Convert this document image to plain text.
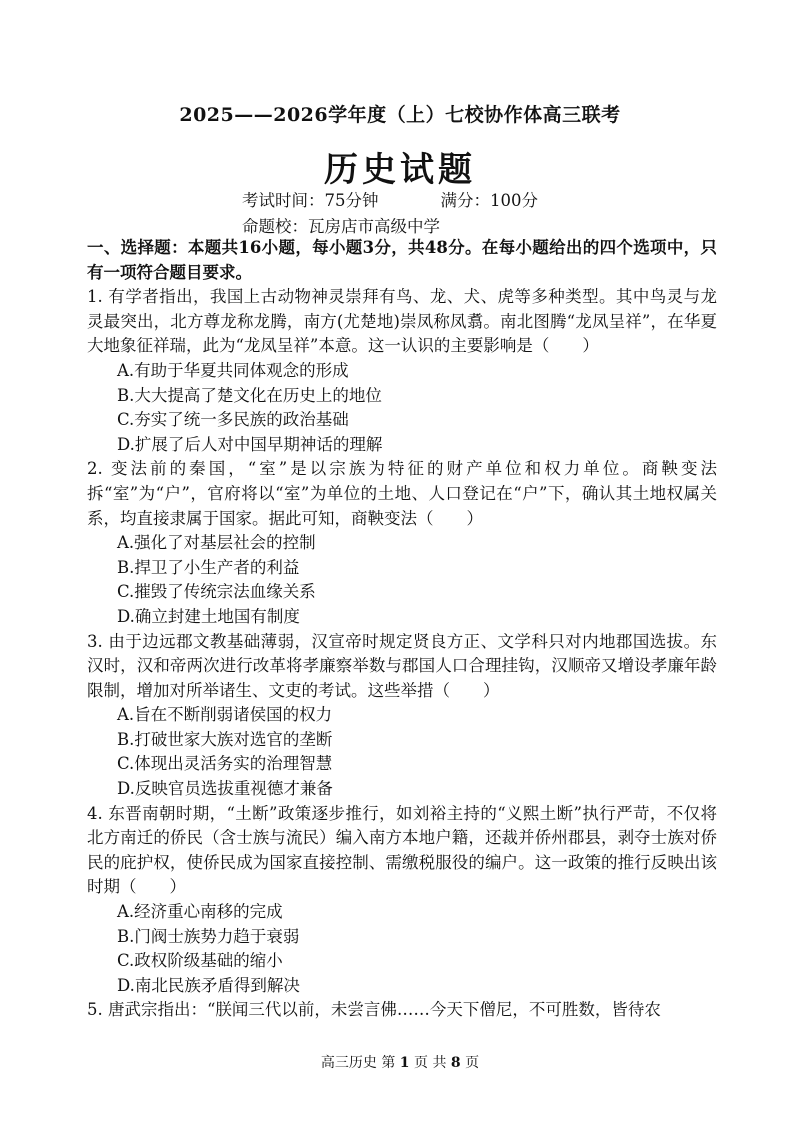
2025——2026学年度（上）七校协作体高三联考
历史试题
考试时间：75分钟	满分：100分
命题校：瓦房店市高级中学

一、选择题：本题共16小题，每小题3分，共48分。在每小题给出的四个选项中，只有一项符合题目要求。

1. 有学者指出，我国上古动物神灵崇拜有鸟、龙、犬、虎等多种类型。其中鸟灵与龙灵最突出，北方尊龙称龙腾，南方(尤楚地)崇凤称凤翥。南北图腾“龙凤呈祥”，在华夏大地象征祥瑞，此为“龙凤呈祥”本意。这一认识的主要影响是（　　）

A.有助于华夏共同体观念的形成

B.大大提高了楚文化在历史上的地位

C.夯实了统一多民族的政治基础

D.扩展了后人对中国早期神话的理解

2. 变法前的秦国，“室”是以宗族为特征的财产单位和权力单位。商鞅变法拆“室”为“户”，官府将以“室”为单位的土地、人口登记在“户”下，确认其土地权属关系，均直接隶属于国家。据此可知，商鞅变法（　　）

A.强化了对基层社会的控制

B.捍卫了小生产者的利益

C.摧毁了传统宗法血缘关系

D.确立封建土地国有制度

3. 由于边远郡文教基础薄弱，汉宣帝时规定贤良方正、文学科只对内地郡国选拔。东汉时，汉和帝两次进行改革将孝廉察举数与郡国人口合理挂钩，汉顺帝又增设孝廉年龄限制，增加对所举诸生、文吏的考试。这些举措（　　）

A.旨在不断削弱诸侯国的权力

B.打破世家大族对选官的垄断

C.体现出灵活务实的治理智慧

D.反映官员选拔重视德才兼备

4. 东晋南朝时期，“土断”政策逐步推行，如刘裕主持的“义熙土断”执行严苛，不仅将北方南迁的侨民（含士族与流民）编入南方本地户籍，还裁并侨州郡县，剥夺士族对侨民的庇护权，使侨民成为国家直接控制、需缴税服役的编户。这一政策的推行反映出该时期（　　）

A.经济重心南移的完成

B.门阀士族势力趋于衰弱

C.政权阶级基础的缩小

D.南北民族矛盾得到解决

5. 唐武宗指出：“朕闻三代以前，未尝言佛……今天下僧尼，不可胜数，皆待农

高三历史 第 1 页 共 8 页
